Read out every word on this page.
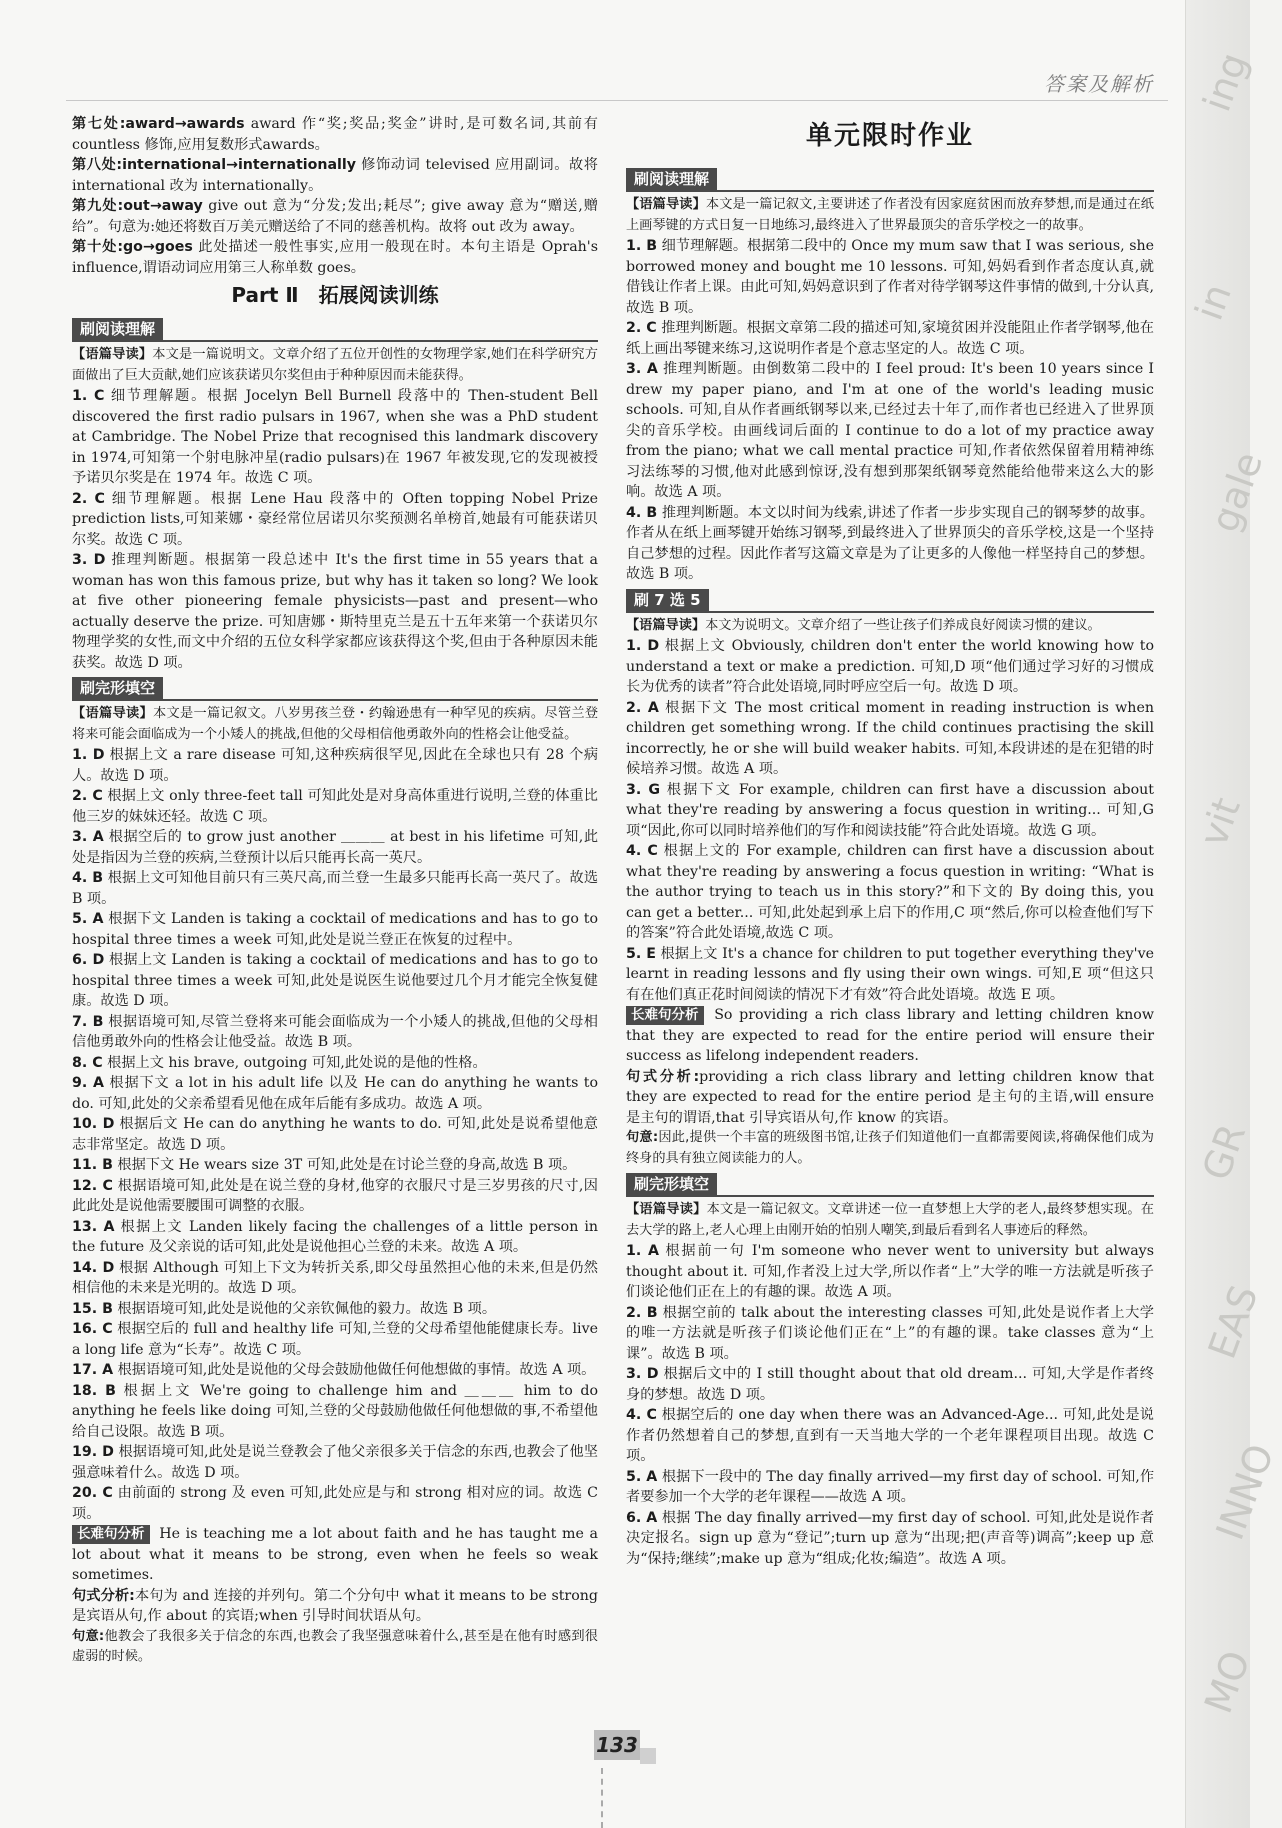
ing
in
gale
vit
GR
EAS
INNO
MO
答案及解析

第七处:award→awards award 作“奖;奖品;奖金”讲时,是可数名词,其前有 countless 修饰,应用复数形式awards。

第八处:international→internationally 修饰动词 televised 应用副词。故将 international 改为 internationally。

第九处:out→away give out 意为“分发;发出;耗尽”; give away 意为“赠送,赠给”。句意为:她还将数百万美元赠送给了不同的慈善机构。故将 out 改为 away。

第十处:go→goes 此处描述一般性事实,应用一般现在时。本句主语是 Oprah's influence,谓语动词应用第三人称单数 goes。

Part Ⅱ　拓展阅读训练
刷阅读理解

【语篇导读】本文是一篇说明文。文章介绍了五位开创性的女物理学家,她们在科学研究方面做出了巨大贡献,她们应该获诺贝尔奖但由于种种原因而未能获得。

1. C 细节理解题。根据 Jocelyn Bell Burnell 段落中的 Then-student Bell discovered the first radio pulsars in 1967, when she was a PhD student at Cambridge. The Nobel Prize that recognised this landmark discovery in 1974,可知第一个射电脉冲星(radio pulsars)在 1967 年被发现,它的发现被授予诺贝尔奖是在 1974 年。故选 C 项。

2. C 细节理解题。根据 Lene Hau 段落中的 Often topping Nobel Prize prediction lists,可知莱娜・豪经常位居诺贝尔奖预测名单榜首,她最有可能获诺贝尔奖。故选 C 项。

3. D 推理判断题。根据第一段总述中 It's the first time in 55 years that a woman has won this famous prize, but why has it taken so long? We look at five other pioneering female physicists—past and present—who actually deserve the prize. 可知唐娜・斯特里克兰是五十五年来第一个获诺贝尔物理学奖的女性,而文中介绍的五位女科学家都应该获得这个奖,但由于各种原因未能获奖。故选 D 项。

刷完形填空

【语篇导读】本文是一篇记叙文。八岁男孩兰登・约翰逊患有一种罕见的疾病。尽管兰登将来可能会面临成为一个小矮人的挑战,但他的父母相信他勇敢外向的性格会让他受益。

1. D 根据上文 a rare disease 可知,这种疾病很罕见,因此在全球也只有 28 个病人。故选 D 项。

2. C 根据上文 only three-feet tall 可知此处是对身高体重进行说明,兰登的体重比他三岁的妹妹还轻。故选 C 项。

3. A 根据空后的 to grow just another ＿＿＿ at best in his lifetime 可知,此处是指因为兰登的疾病,兰登预计以后只能再长高一英尺。

4. B 根据上文可知他目前只有三英尺高,而兰登一生最多只能再长高一英尺了。故选 B 项。

5. A 根据下文 Landen is taking a cocktail of medications and has to go to hospital three times a week 可知,此处是说兰登正在恢复的过程中。

6. D 根据上文 Landen is taking a cocktail of medications and has to go to hospital three times a week 可知,此处是说医生说他要过几个月才能完全恢复健康。故选 D 项。

7. B 根据语境可知,尽管兰登将来可能会面临成为一个小矮人的挑战,但他的父母相信他勇敢外向的性格会让他受益。故选 B 项。

8. C 根据上文 his brave, outgoing 可知,此处说的是他的性格。

9. A 根据下文 a lot in his adult life 以及 He can do anything he wants to do. 可知,此处的父亲希望看见他在成年后能有多成功。故选 A 项。

10. D 根据后文 He can do anything he wants to do. 可知,此处是说希望他意志非常坚定。故选 D 项。

11. B 根据下文 He wears size 3T 可知,此处是在讨论兰登的身高,故选 B 项。

12. C 根据语境可知,此处是在说兰登的身材,他穿的衣服尺寸是三岁男孩的尺寸,因此此处是说他需要腰围可调整的衣服。

13. A 根据上文 Landen likely facing the challenges of a little person in the future 及父亲说的话可知,此处是说他担心兰登的未来。故选 A 项。

14. D 根据 Although 可知上下文为转折关系,即父母虽然担心他的未来,但是仍然相信他的未来是光明的。故选 D 项。

15. B 根据语境可知,此处是说他的父亲钦佩他的毅力。故选 B 项。

16. C 根据空后的 full and healthy life 可知,兰登的父母希望他能健康长寿。live a long life 意为“长寿”。故选 C 项。

17. A 根据语境可知,此处是说他的父母会鼓励他做任何他想做的事情。故选 A 项。

18. B 根据上文 We're going to challenge him and ＿＿＿ him to do anything he feels like doing 可知,兰登的父母鼓励他做任何他想做的事,不希望他给自己设限。故选 B 项。

19. D 根据语境可知,此处是说兰登教会了他父亲很多关于信念的东西,也教会了他坚强意味着什么。故选 D 项。

20. C 由前面的 strong 及 even 可知,此处应是与和 strong 相对应的词。故选 C 项。

长难句分析 He is teaching me a lot about faith and he has taught me a lot about what it means to be strong, even when he feels so weak sometimes.

句式分析:本句为 and 连接的并列句。第二个分句中 what it means to be strong 是宾语从句,作 about 的宾语;when 引导时间状语从句。

句意:他教会了我很多关于信念的东西,也教会了我坚强意味着什么,甚至是在他有时感到很虚弱的时候。

单元限时作业
刷阅读理解

【语篇导读】本文是一篇记叙文,主要讲述了作者没有因家庭贫困而放弃梦想,而是通过在纸上画琴键的方式日复一日地练习,最终进入了世界最顶尖的音乐学校之一的故事。

1. B 细节理解题。根据第二段中的 Once my mum saw that I was serious, she borrowed money and bought me 10 lessons. 可知,妈妈看到作者态度认真,就借钱让作者上课。由此可知,妈妈意识到了作者对待学钢琴这件事情的做到,十分认真,故选 B 项。

2. C 推理判断题。根据文章第二段的描述可知,家境贫困并没能阻止作者学钢琴,他在纸上画出琴键来练习,这说明作者是个意志坚定的人。故选 C 项。

3. A 推理判断题。由倒数第二段中的 I feel proud: It's been 10 years since I drew my paper piano, and I'm at one of the world's leading music schools. 可知,自从作者画纸钢琴以来,已经过去十年了,而作者也已经进入了世界顶尖的音乐学校。由画线词后面的 I continue to do a lot of my practice away from the piano; what we call mental practice 可知,作者依然保留着用精神练习法练琴的习惯,他对此感到惊讶,没有想到那架纸钢琴竟然能给他带来这么大的影响。故选 A 项。

4. B 推理判断题。本文以时间为线索,讲述了作者一步步实现自己的钢琴梦的故事。作者从在纸上画琴键开始练习钢琴,到最终进入了世界顶尖的音乐学校,这是一个坚持自己梦想的过程。因此作者写这篇文章是为了让更多的人像他一样坚持自己的梦想。故选 B 项。

刷 7 选 5

【语篇导读】本文为说明文。文章介绍了一些让孩子们养成良好阅读习惯的建议。

1. D 根据上文 Obviously, children don't enter the world knowing how to understand a text or make a prediction. 可知,D 项“他们通过学习好的习惯成长为优秀的读者”符合此处语境,同时呼应空后一句。故选 D 项。

2. A 根据下文 The most critical moment in reading instruction is when children get something wrong. If the child continues practising the skill incorrectly, he or she will build weaker habits. 可知,本段讲述的是在犯错的时候培养习惯。故选 A 项。

3. G 根据下文 For example, children can first have a discussion about what they're reading by answering a focus question in writing... 可知,G 项“因此,你可以同时培养他们的写作和阅读技能”符合此处语境。故选 G 项。

4. C 根据上文的 For example, children can first have a discussion about what they're reading by answering a focus question in writing: “What is the author trying to teach us in this story?”和下文的 By doing this, you can get a better... 可知,此处起到承上启下的作用,C 项“然后,你可以检查他们写下的答案”符合此处语境,故选 C 项。

5. E 根据上文 It's a chance for children to put together everything they've learnt in reading lessons and fly using their own wings. 可知,E 项“但这只有在他们真正花时间阅读的情况下才有效”符合此处语境。故选 E 项。

长难句分析 So providing a rich class library and letting children know that they are expected to read for the entire period will ensure their success as lifelong independent readers.

句式分析:providing a rich class library and letting children know that they are expected to read for the entire period 是主句的主语,will ensure 是主句的谓语,that 引导宾语从句,作 know 的宾语。

句意:因此,提供一个丰富的班级图书馆,让孩子们知道他们一直都需要阅读,将确保他们成为终身的具有独立阅读能力的人。

刷完形填空

【语篇导读】本文是一篇记叙文。文章讲述一位一直梦想上大学的老人,最终梦想实现。在去大学的路上,老人心理上由刚开始的怕别人嘲笑,到最后看到名人事迹后的释然。

1. A 根据前一句 I'm someone who never went to university but always thought about it. 可知,作者没上过大学,所以作者“上”大学的唯一方法就是听孩子们谈论他们正在上的有趣的课。故选 A 项。

2. B 根据空前的 talk about the interesting classes 可知,此处是说作者上大学的唯一方法就是听孩子们谈论他们正在“上”的有趣的课。take classes 意为“上课”。故选 B 项。

3. D 根据后文中的 I still thought about that old dream... 可知,大学是作者终身的梦想。故选 D 项。

4. C 根据空后的 one day when there was an Advanced-Age... 可知,此处是说作者仍然想着自己的梦想,直到有一天当地大学的一个老年课程项目出现。故选 C 项。

5. A 根据下一段中的 The day finally arrived—my first day of school. 可知,作者要参加一个大学的老年课程——故选 A 项。

6. A 根据 The day finally arrived—my first day of school. 可知,此处是说作者决定报名。sign up 意为“登记”;turn up 意为“出现;把(声音等)调高”;keep up 意为“保持;继续”;make up 意为“组成;化妆;编造”。故选 A 项。

133
